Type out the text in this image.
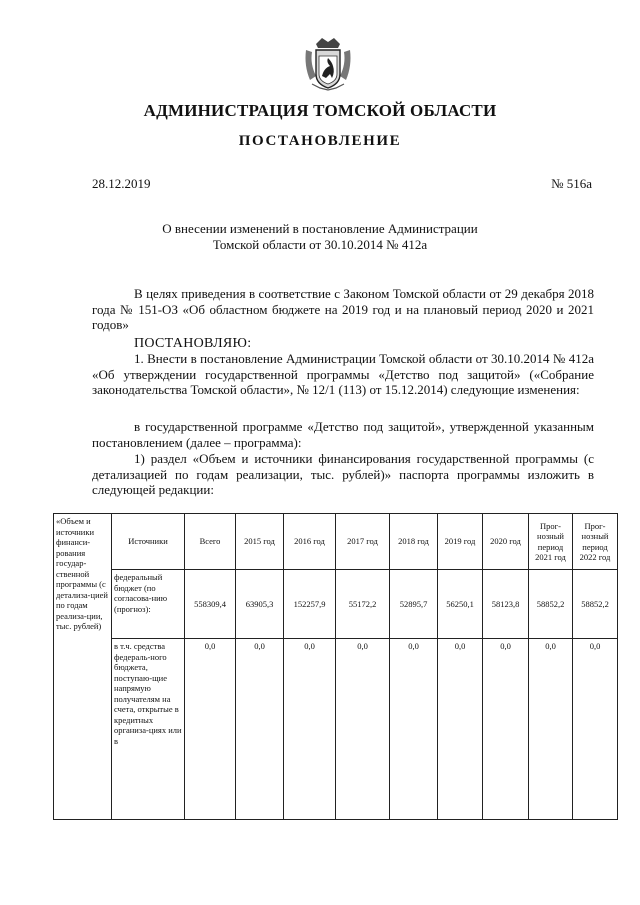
АДМИНИСТРАЦИЯ ТОМСКОЙ ОБЛАСТИ
ПОСТАНОВЛЕНИЕ
28.12.2019	№ 516а
О внесении изменений в постановление Администрации
Томской области от 30.10.2014 № 412а
В целях приведения в соответствие с Законом Томской области от 29 декабря 2018 года № 151-ОЗ «Об областном бюджете на 2019 год и на плановый период 2020 и 2021 годов»
ПОСТАНОВЛЯЮ:
1. Внести в постановление Администрации Томской области от 30.10.2014 № 412а «Об утверждении государственной программы «Детство под защитой» («Собрание законодательства Томской области», № 12/1 (113) от 15.12.2014) следующие изменения:
в государственной программе «Детство под защитой», утвержденной указанным постановлением (далее – программа):
1) раздел «Объем и источники финансирования государственной программы (с детализацией по годам реализации, тыс. рублей)» паспорта программы изложить в следующей редакции:
«Объем и источники финанси-рования государ-ственной программы (с детализа-цией по годам реализа-ции, тыс. рублей)	Источники	Всего	2015 год	2016 год	2017 год	2018 год	2019 год	2020 год	Прог-нозный период 2021 год	Прог-нозный период 2022 год
	федеральный бюджет (по согласова-нию (прогноз):	558309,4	63905,3	152257,9	55172,2	52895,7	56250,1	58123,8	58852,2	58852,2
	в т.ч. средства федераль-ного бюджета, поступаю-щие напрямую получателям на счета, открытые в кредитных организа-циях или в	0,0	0,0	0,0	0,0	0,0	0,0	0,0	0,0	0,0
